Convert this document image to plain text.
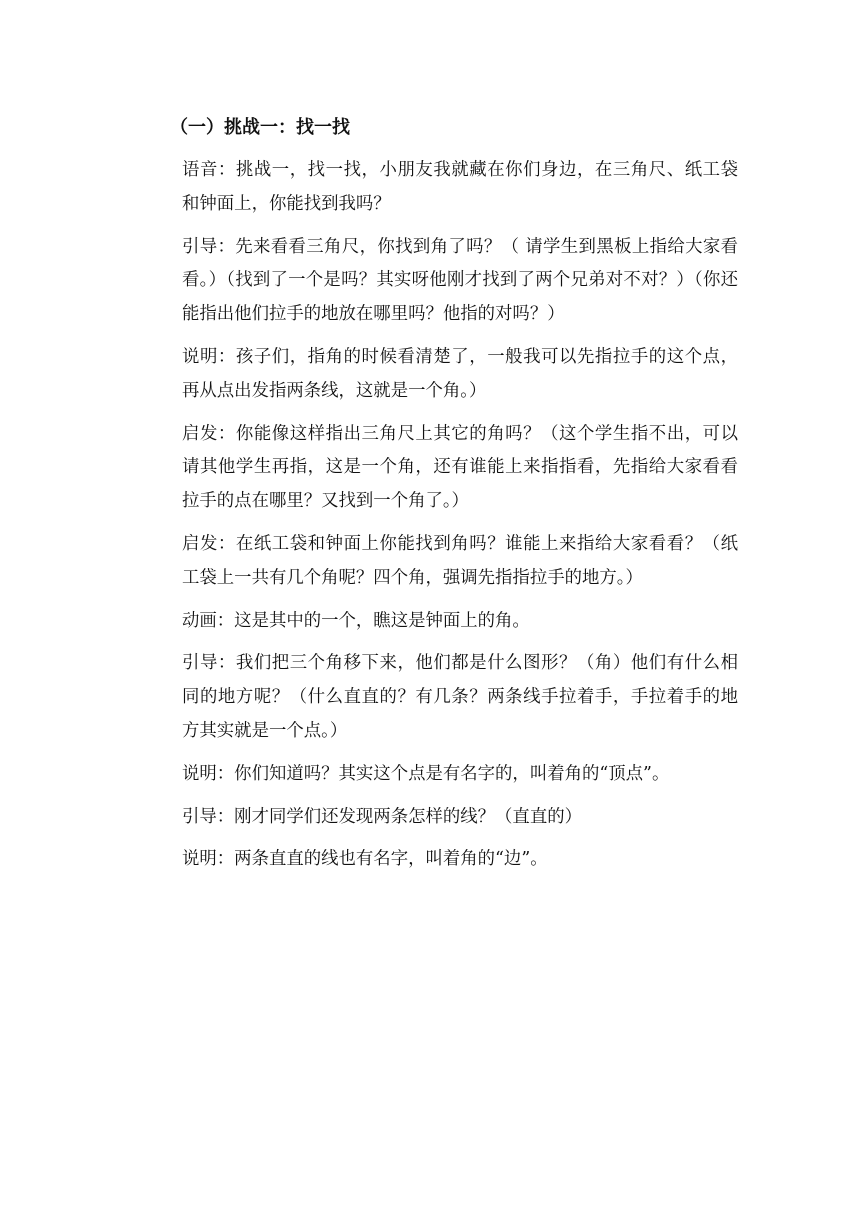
（一）挑战一：找一找

语音：挑战一，找一找，小朋友我就藏在你们身边，在三角尺、纸工袋和钟面上，你能找到我吗？

引导：先来看看三角尺，你找到角了吗？（ 请学生到黑板上指给大家看看。）（找到了一个是吗？其实呀他刚才找到了两个兄弟对不对？）（你还能指出他们拉手的地放在哪里吗？他指的对吗？）

说明：孩子们，指角的时候看清楚了，一般我可以先指拉手的这个点，再从点出发指两条线，这就是一个角。）

启发：你能像这样指出三角尺上其它的角吗？（这个学生指不出，可以请其他学生再指，这是一个角，还有谁能上来指指看，先指给大家看看拉手的点在哪里？又找到一个角了。）

启发：在纸工袋和钟面上你能找到角吗？谁能上来指给大家看看？（纸工袋上一共有几个角呢？四个角，强调先指指拉手的地方。）

动画：这是其中的一个，瞧这是钟面上的角。

引导：我们把三个角移下来，他们都是什么图形？（角）他们有什么相同的地方呢？（什么直直的？有几条？两条线手拉着手，手拉着手的地方其实就是一个点。）

说明：你们知道吗？其实这个点是有名字的，叫着角的“顶点”。

引导：刚才同学们还发现两条怎样的线？（直直的）

说明：两条直直的线也有名字，叫着角的“边”。
